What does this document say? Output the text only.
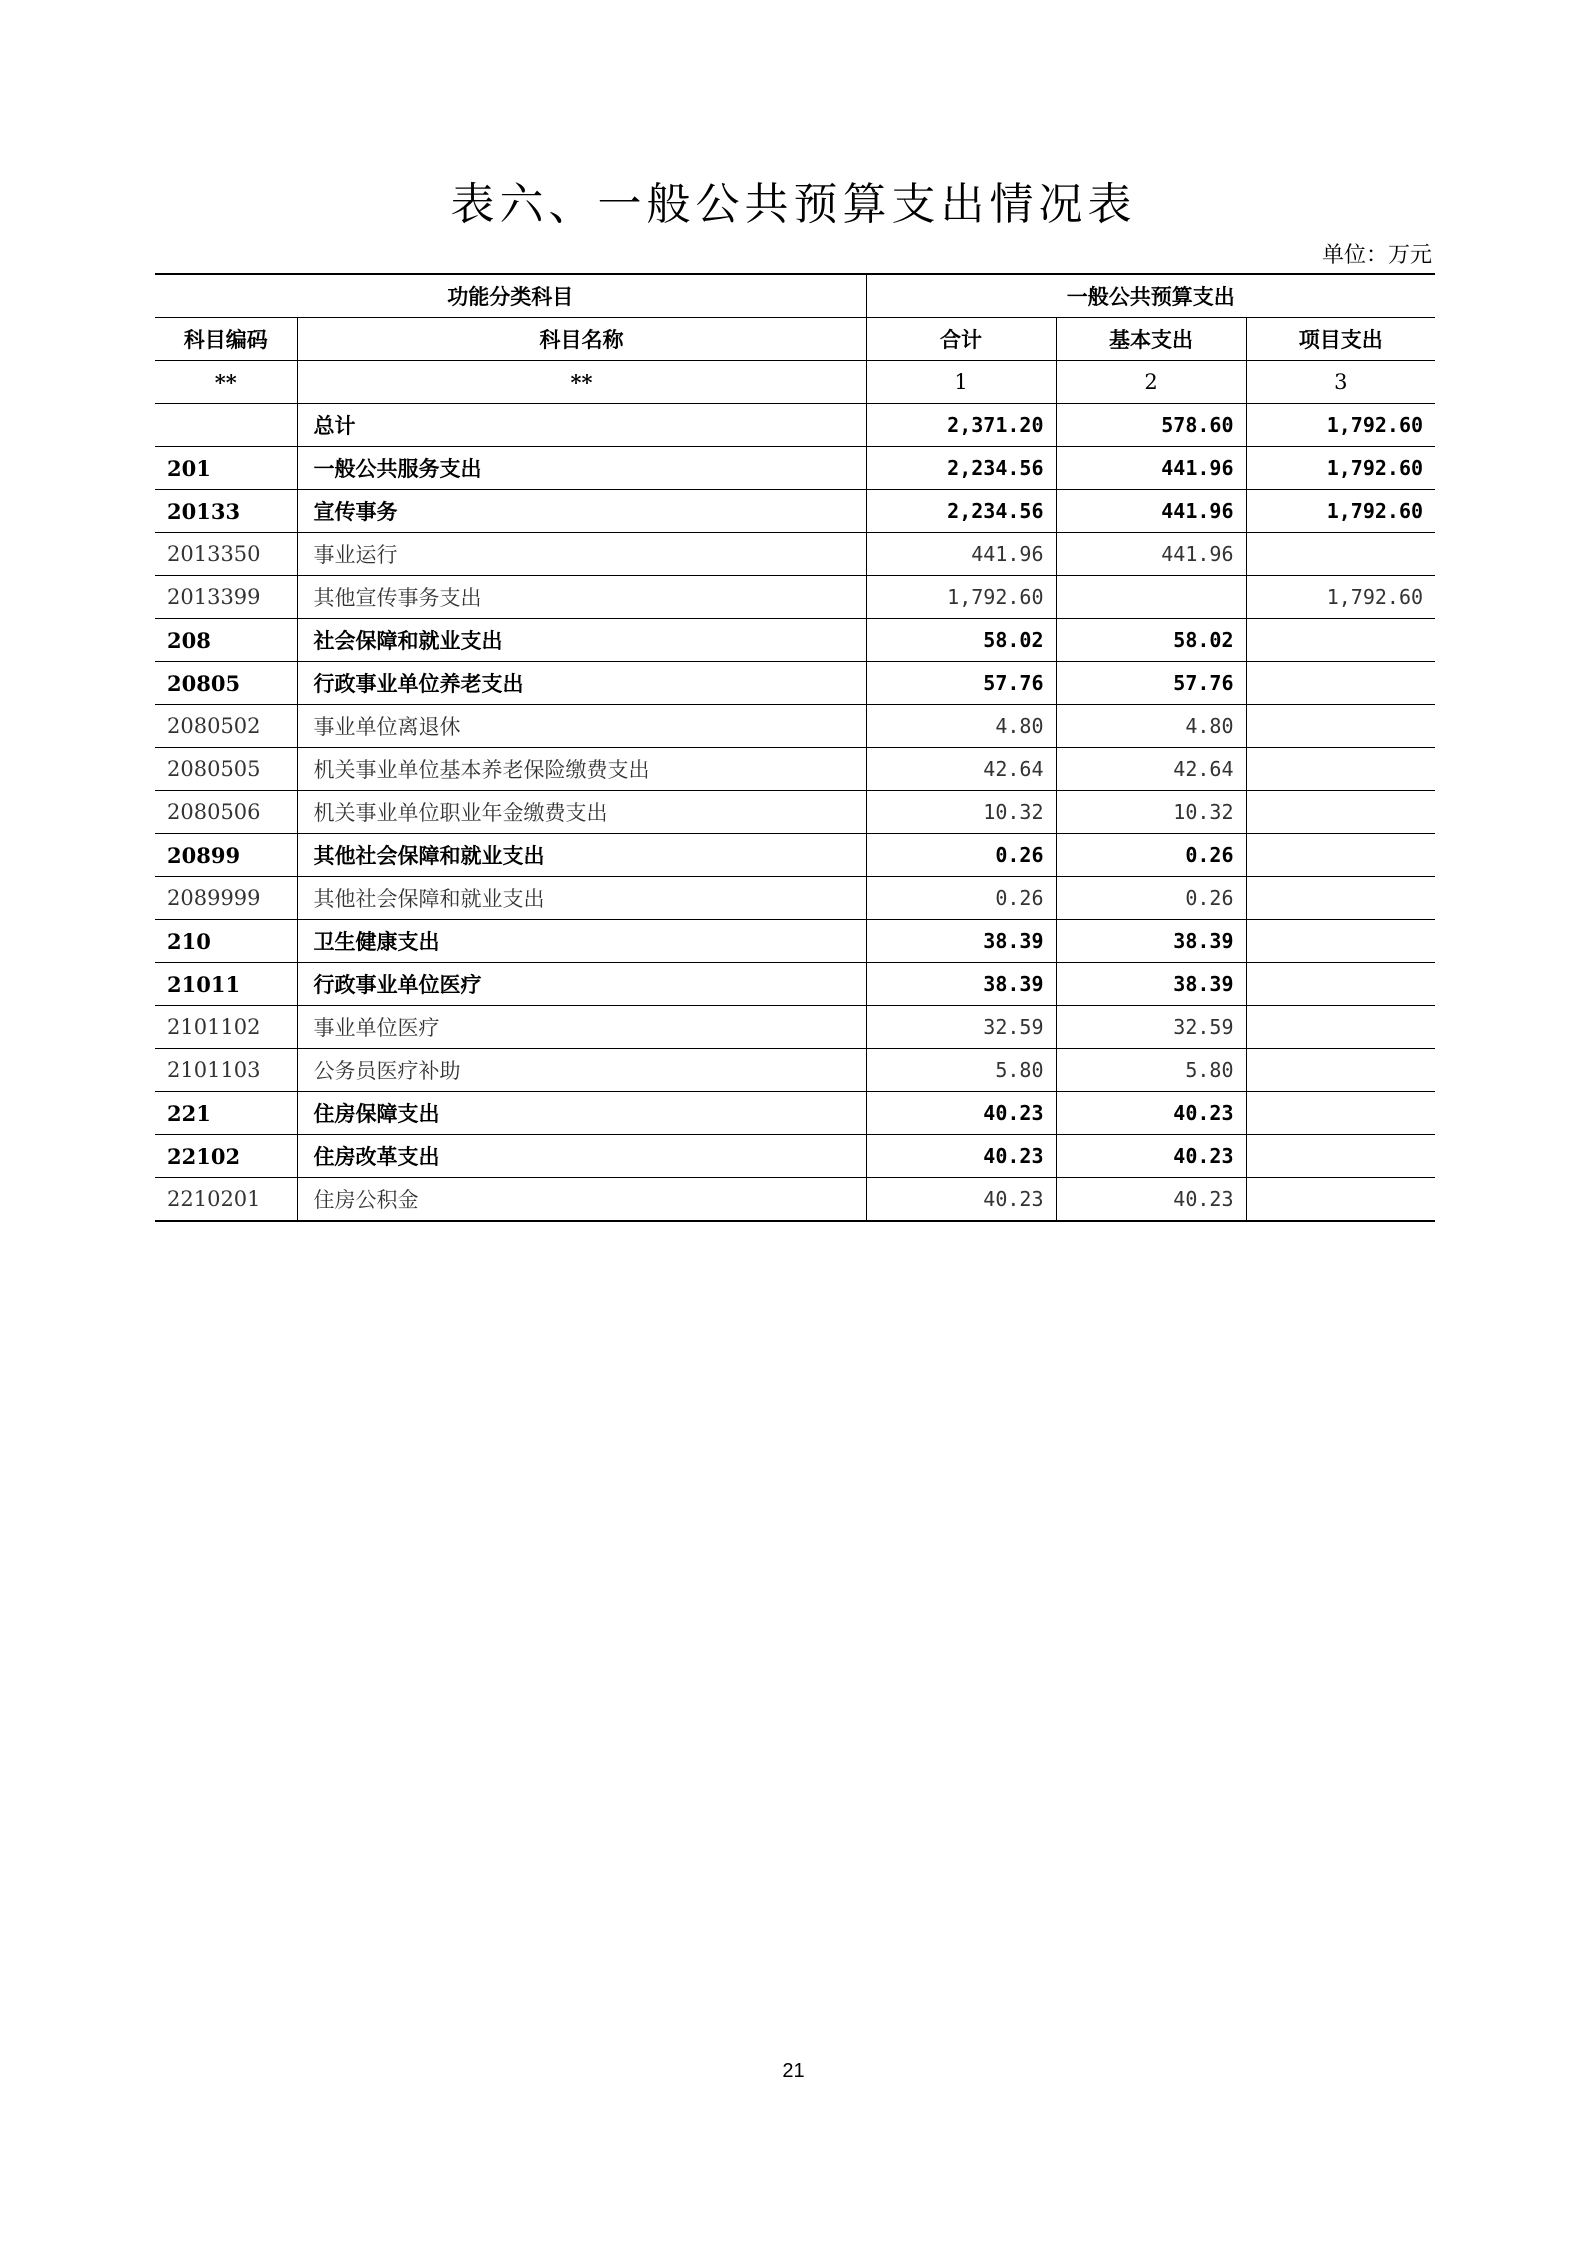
表六、一般公共预算支出情况表
单位：万元
功能分类科目		一般公共预算支出		
科目编码	科目名称	合计	基本支出	项目支出
**	**	1	2	3
	总计	2,371.20	578.60	1,792.60
201	一般公共服务支出	2,234.56	441.96	1,792.60
20133	宣传事务	2,234.56	441.96	1,792.60
2013350	事业运行	441.96	441.96	
2013399	其他宣传事务支出	1,792.60		1,792.60
208	社会保障和就业支出	58.02	58.02	
20805	行政事业单位养老支出	57.76	57.76	
2080502	事业单位离退休	4.80	4.80	
2080505	机关事业单位基本养老保险缴费支出	42.64	42.64	
2080506	机关事业单位职业年金缴费支出	10.32	10.32	
20899	其他社会保障和就业支出	0.26	0.26	
2089999	其他社会保障和就业支出	0.26	0.26	
210	卫生健康支出	38.39	38.39	
21011	行政事业单位医疗	38.39	38.39	
2101102	事业单位医疗	32.59	32.59	
2101103	公务员医疗补助	5.80	5.80	
221	住房保障支出	40.23	40.23	
22102	住房改革支出	40.23	40.23	
2210201	住房公积金	40.23	40.23	
21
